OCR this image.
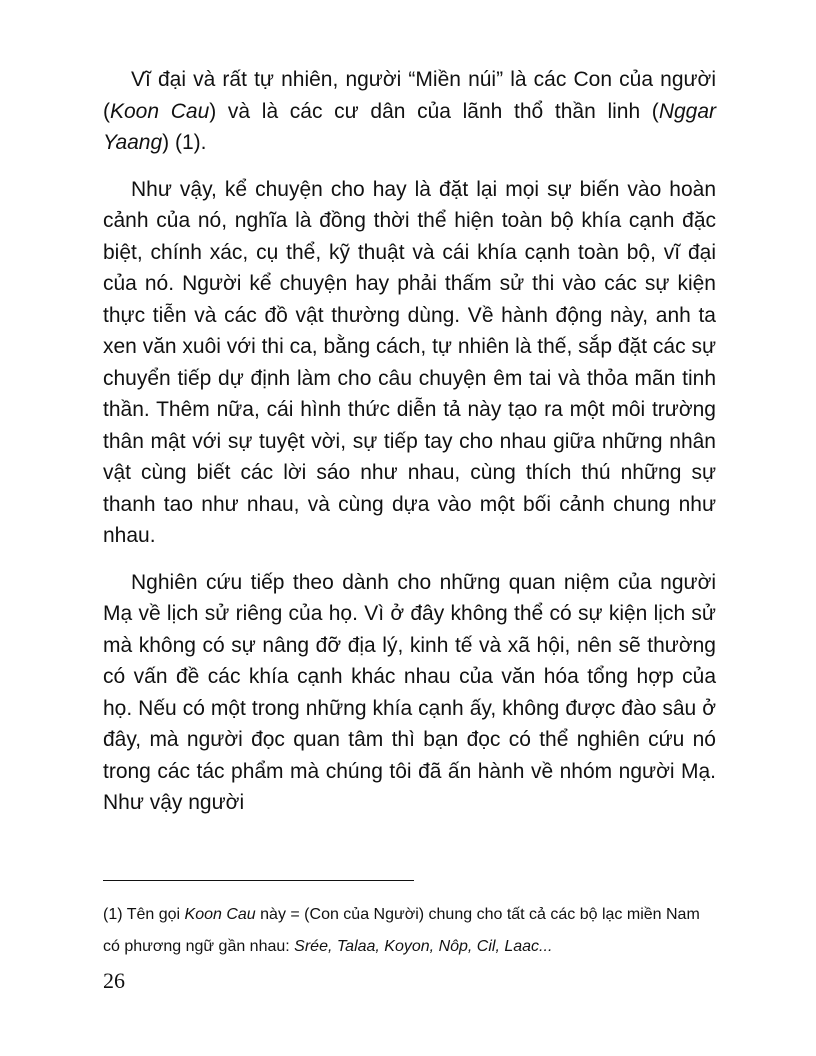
Vĩ đại và rất tự nhiên, người “Miền núi” là các Con của người (Koon Cau) và là các cư dân của lãnh thổ thần linh (Nggar Yaang) (1).

Như vậy, kể chuyện cho hay là đặt lại mọi sự biến vào hoàn cảnh của nó, nghĩa là đồng thời thể hiện toàn bộ khía cạnh đặc biệt, chính xác, cụ thể, kỹ thuật và cái khía cạnh toàn bộ, vĩ đại của nó. Người kể chuyện hay phải thấm sử thi vào các sự kiện thực tiễn và các đồ vật thường dùng. Về hành động này, anh ta xen văn xuôi với thi ca, bằng cách, tự nhiên là thế, sắp đặt các sự chuyển tiếp dự định làm cho câu chuyện êm tai và thỏa mãn tinh thần. Thêm nữa, cái hình thức diễn tả này tạo ra một môi trường thân mật với sự tuyệt vời, sự tiếp tay cho nhau giữa những nhân vật cùng biết các lời sáo như nhau, cùng thích thú những sự thanh tao như nhau, và cùng dựa vào một bối cảnh chung như nhau.

Nghiên cứu tiếp theo dành cho những quan niệm của người Mạ về lịch sử riêng của họ. Vì ở đây không thể có sự kiện lịch sử mà không có sự nâng đỡ địa lý, kinh tế và xã hội, nên sẽ thường có vấn đề các khía cạnh khác nhau của văn hóa tổng hợp của họ. Nếu có một trong những khía cạnh ấy, không được đào sâu ở đây, mà người đọc quan tâm thì bạn đọc có thể nghiên cứu nó trong các tác phẩm mà chúng tôi đã ấn hành về nhóm người Mạ. Như vậy người

(1) Tên gọi Koon Cau này = (Con của Người) chung cho tất cả các bộ lạc miền Nam có phương ngữ gần nhau: Srée, Talaa, Koyon, Nôp, Cil, Laac...

26
